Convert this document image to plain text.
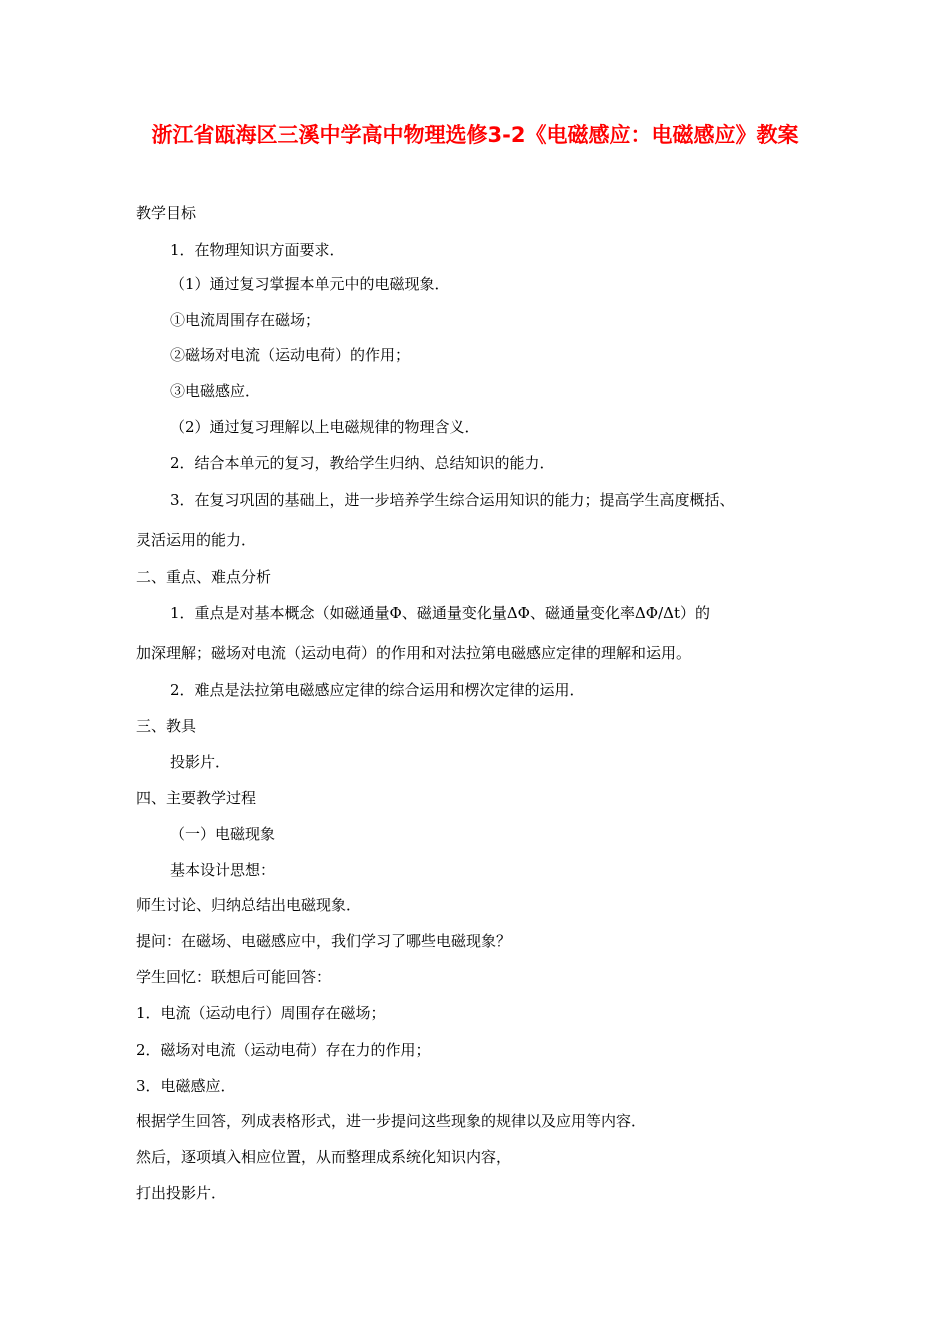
浙江省瓯海区三溪中学高中物理选修3-2《电磁感应：电磁感应》教案
教学目标
1．在物理知识方面要求．
（1）通过复习掌握本单元中的电磁现象．
①电流周围存在磁场；
②磁场对电流（运动电荷）的作用；
③电磁感应．
（2）通过复习理解以上电磁规律的物理含义．
2．结合本单元的复习，教给学生归纳、总结知识的能力．
3．在复习巩固的基础上，进一步培养学生综合运用知识的能力；提高学生高度概括、
灵活运用的能力．
二、重点、难点分析
1．重点是对基本概念（如磁通量Φ、磁通量变化量ΔΦ、磁通量变化率ΔΦ/Δt）的
加深理解；磁场对电流（运动电荷）的作用和对法拉第电磁感应定律的理解和运用。
2．难点是法拉第电磁感应定律的综合运用和楞次定律的运用．
三、教具
投影片．
四、主要教学过程
（一）电磁现象
基本设计思想：
师生讨论、归纳总结出电磁现象．
提问：在磁场、电磁感应中，我们学习了哪些电磁现象？
学生回忆：联想后可能回答：
1．电流（运动电行）周围存在磁场；
2．磁场对电流（运动电荷）存在力的作用；
3．电磁感应．
根据学生回答，列成表格形式，进一步提问这些现象的规律以及应用等内容．
然后，逐项填入相应位置，从而整理成系统化知识内容，
打出投影片．
